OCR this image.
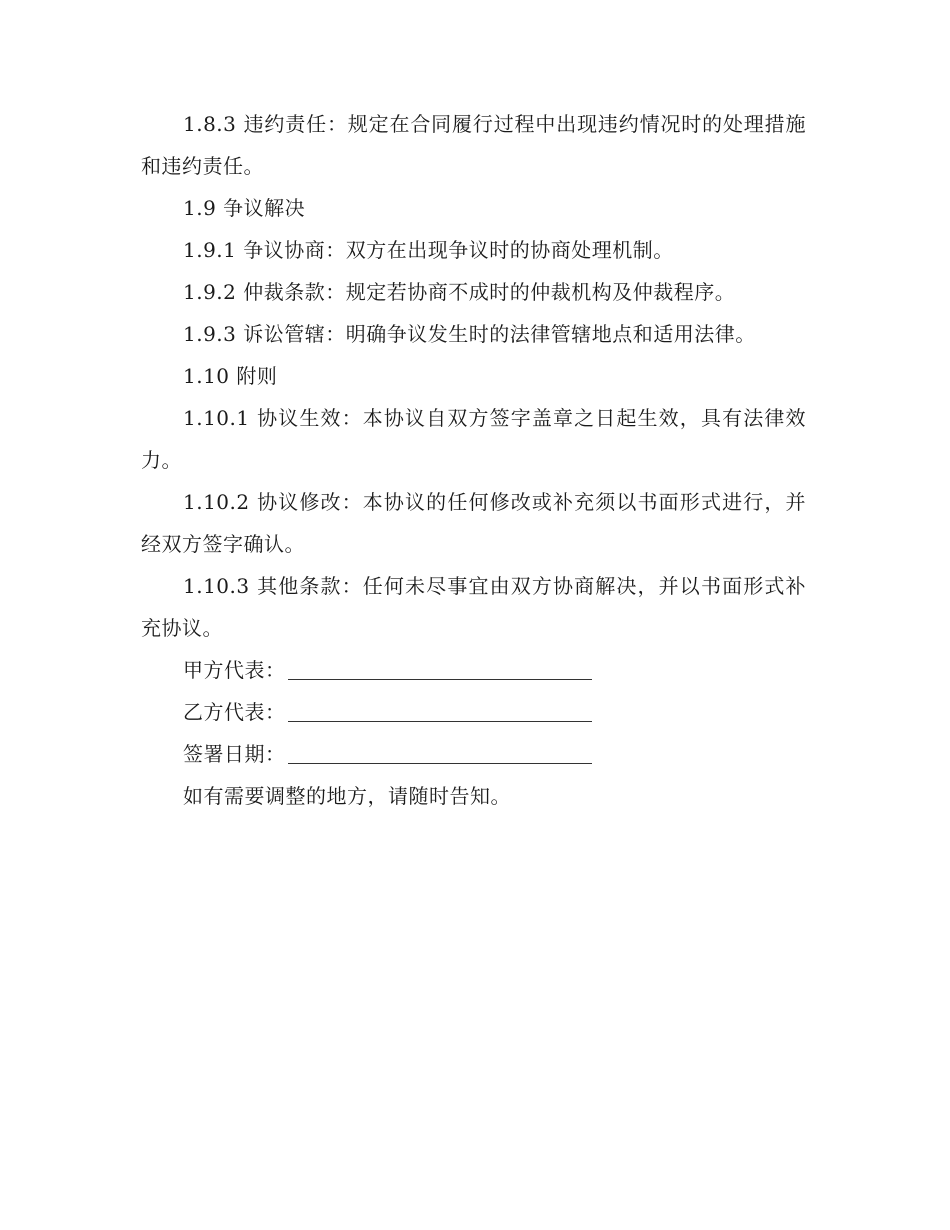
1.8.3 违约责任：规定在合同履行过程中出现违约情况时的处理措施和违约责任。

1.9 争议解决

1.9.1 争议协商：双方在出现争议时的协商处理机制。

1.9.2 仲裁条款：规定若协商不成时的仲裁机构及仲裁程序。

1.9.3 诉讼管辖：明确争议发生时的法律管辖地点和适用法律。

1.10 附则

1.10.1 协议生效：本协议自双方签字盖章之日起生效，具有法律效力。

1.10.2 协议修改：本协议的任何修改或补充须以书面形式进行，并经双方签字确认。

1.10.3 其他条款：任何未尽事宜由双方协商解决，并以书面形式补充协议。

甲方代表：
乙方代表：
签署日期：

如有需要调整的地方，请随时告知。
